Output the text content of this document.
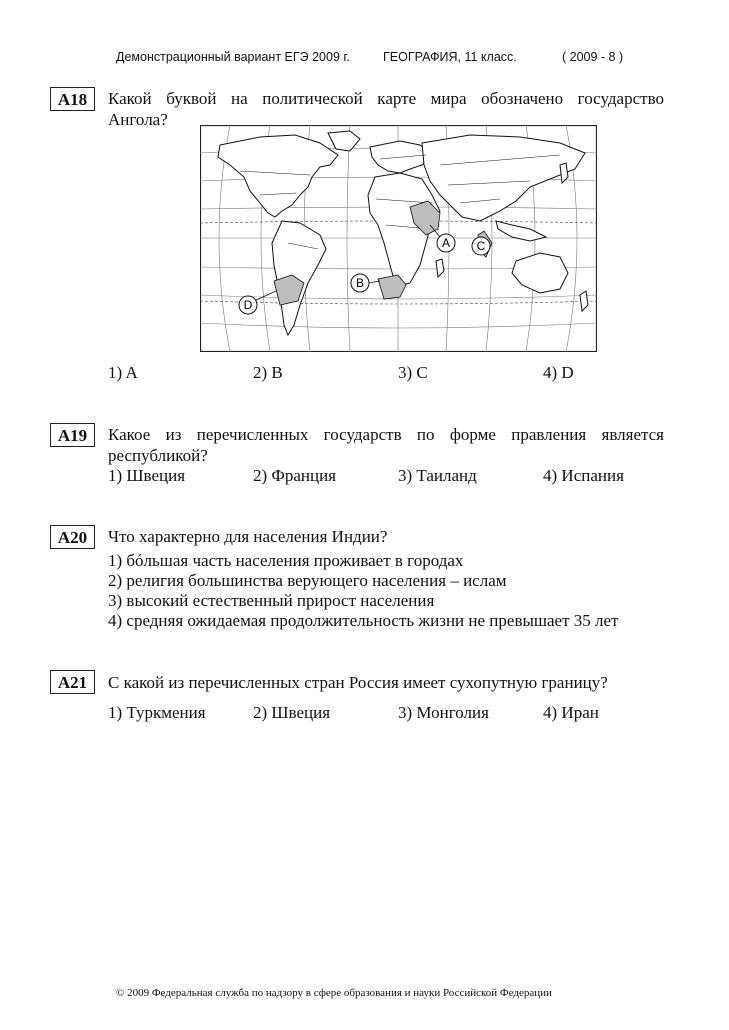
Демонстрационный вариант ЕГЭ 2009 г.	ГЕОГРАФИЯ, 11 класс.	( 2009 - 8 )
A18	Какой буквой на политической карте мира обозначено государство
Ангола?
A
B
C
D
1) A	2) B	3) C	4) D
A19	Какое из перечисленных государств по форме правления является
республикой?
1) Швеция	2) Франция	3) Таиланд	4) Испания
A20	Что характерно для населения Индии?
1) бóльшая часть населения проживает в городах
2) религия большинства верующего населения – ислам
3) высокий естественный прирост населения
4) средняя ожидаемая продолжительность жизни не превышает 35 лет
A21	С какой из перечисленных стран Россия имеет сухопутную границу?
1) Туркмения	2) Швеция	3) Монголия	4) Иран
© 2009 Федеральная служба по надзору в сфере образования и науки Российской Федерации
